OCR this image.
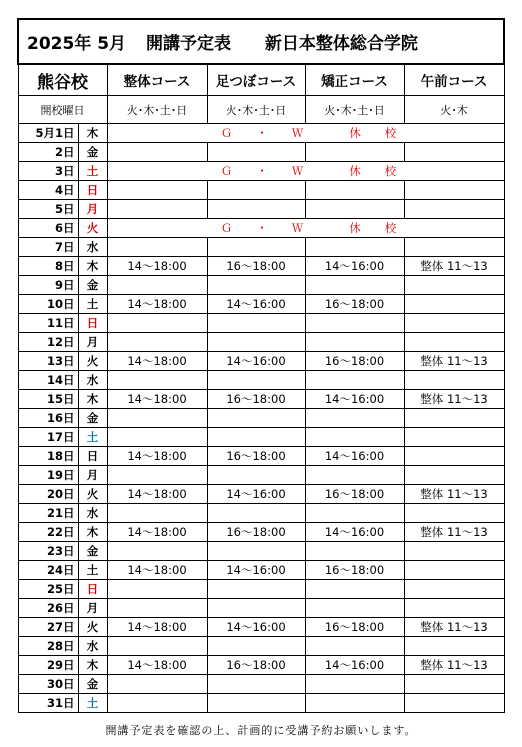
2025年 5月 開講予定表 新日本整体総合学院					
熊谷校		整体コース	足つぼコース	矯正コース	午前コース
開校曜日		火･木･土･日	火･木･土･日	火･木･土･日	火･木
5月1日	木	Ｇ ・ Ｗ 休 校			
2日	金				
3日	土	Ｇ ・ Ｗ 休 校			
4日	日				
5日	月				
6日	火	Ｇ ・ Ｗ 休 校			
7日	水				
8日	木	14～18:00	16～18:00	14～16:00	整体 11～13
9日	金				
10日	土	14～18:00	14～16:00	16～18:00	
11日	日				
12日	月				
13日	火	14～18:00	14～16:00	16～18:00	整体 11～13
14日	水				
15日	木	14～18:00	16～18:00	14～16:00	整体 11～13
16日	金				
17日	土				
18日	日	14～18:00	16～18:00	14～16:00	
19日	月				
20日	火	14～18:00	14～16:00	16～18:00	整体 11～13
21日	水				
22日	木	14～18:00	16～18:00	14～16:00	整体 11～13
23日	金				
24日	土	14～18:00	14～16:00	16～18:00	
25日	日				
26日	月				
27日	火	14～18:00	14～16:00	16～18:00	整体 11～13
28日	水				
29日	木	14～18:00	16～18:00	14～16:00	整体 11～13
30日	金				
31日	土				
開講予定表を確認の上、計画的に受講予約お願いします。
